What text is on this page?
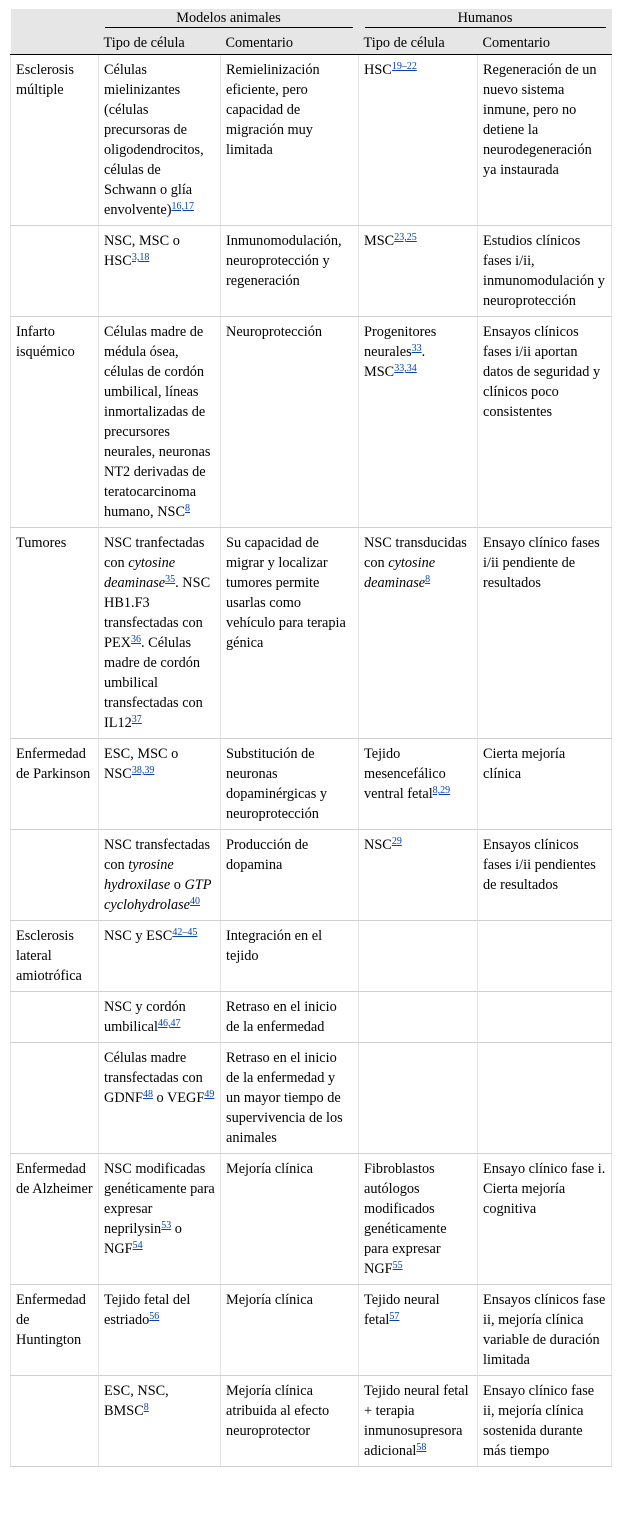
	Modelos animales		Humanos	

	Tipo de célula	Comentario	Tipo de célula	Comentario
Esclerosis múltiple	Células mielinizantes (células precursoras de oligodendrocitos, células de Schwann o glía envolvente)$^{16,17}$	Remielinización eficiente, pero capacidad de migración muy limitada	HSC$^{19-22}$	Regeneración de un nuevo sistema inmune, pero no detiene la neurodegeneración ya instaurada
	NSC, MSC o HSC$^{3,18}$	Inmunomodulación, neuroprotección y regeneración	MSC$^{23,25}$	Estudios clínicos fases i/ii, inmunomodulación y neuroprotección
Infarto isquémico	Células madre de médula ósea, células de cordón umbilical, líneas inmortalizadas de precursores neurales, neuronas NT2 derivadas de teratocarcinoma humano, NSC$^8$	Neuroprotección	Progenitores neurales$^{33}$. MSC$^{33,34}$	Ensayos clínicos fases i/ii aportan datos de seguridad y clínicos poco consistentes
Tumores	NSC tranfectadas con cytosine deaminase$^{35}$. NSC HB1.F3 transfectadas con PEX$^{36}$. Células madre de cordón umbilical transfectadas con IL12$^{37}$	Su capacidad de migrar y localizar tumores permite usarlas como vehículo para terapia génica	NSC transducidas con cytosine deaminase$^8$	Ensayo clínico fases i/ii pendiente de resultados
Enfermedad de Parkinson	ESC, MSC o NSC$^{38,39}$	Substitución de neuronas dopaminérgicas y neuroprotección	Tejido mesencefálico ventral fetal$^{8,29}$	Cierta mejoría clínica
	NSC transfectadas con tyrosine hydroxilase o GTP cyclohydrolase$^{40}$	Producción de dopamina	NSC$^{29}$	Ensayos clínicos fases i/ii pendientes de resultados
Esclerosis lateral amiotrófica	NSC y ESC$^{42-45}$	Integración en el tejido		
	NSC y cordón umbilical$^{46,47}$	Retraso en el inicio de la enfermedad		
	Células madre transfectadas con GDNF$^{48}$ o VEGF$^{49}$	Retraso en el inicio de la enfermedad y un mayor tiempo de supervivencia de los animales		
Enfermedad de Alzheimer	NSC modificadas genéticamente para expresar neprilysin$^{53}$ o NGF$^{54}$	Mejoría clínica	Fibroblastos autólogos modificados genéticamente para expresar NGF$^{55}$	Ensayo clínico fase i. Cierta mejoría cognitiva
Enfermedad de Huntington	Tejido fetal del estriado$^{56}$	Mejoría clínica	Tejido neural fetal$^{57}$	Ensayos clínicos fase ii, mejoría clínica variable de duración limitada
	ESC, NSC, BMSC$^8$	Mejoría clínica atribuida al efecto neuroprotector	Tejido neural fetal + terapia inmunosupresora adicional$^{58}$	Ensayo clínico fase ii, mejoría clínica sostenida durante más tiempo
